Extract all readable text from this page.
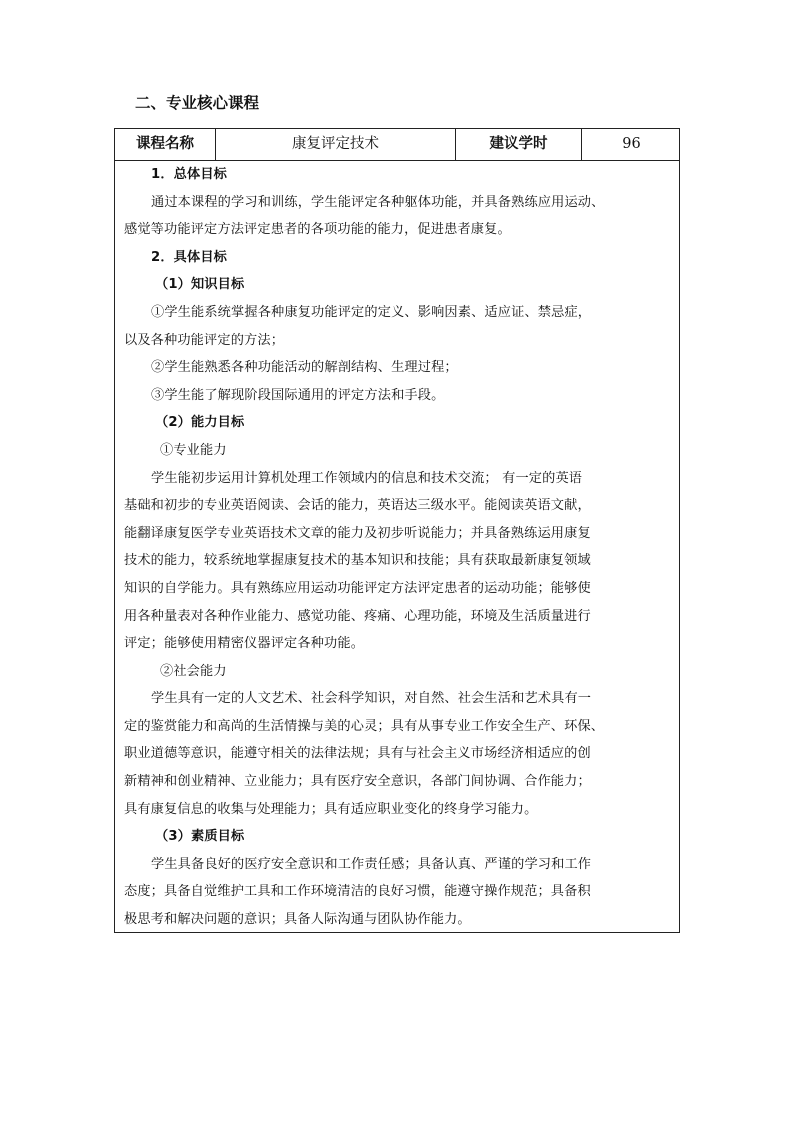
二、专业核心课程
课程名称	康复评定技术	建议学时	96

1．总体目标

通过本课程的学习和训练，学生能评定各种躯体功能，并具备熟练应用运动、

感觉等功能评定方法评定患者的各项功能的能力，促进患者康复。

2．具体目标

（1）知识目标

①学生能系统掌握各种康复功能评定的定义、影响因素、适应证、禁忌症，

以及各种功能评定的方法；

②学生能熟悉各种功能活动的解剖结构、生理过程；

③学生能了解现阶段国际通用的评定方法和手段。

（2）能力目标

①专业能力

学生能初步运用计算机处理工作领域内的信息和技术交流； 有一定的英语

基础和初步的专业英语阅读、会话的能力，英语达三级水平。能阅读英语文献，

能翻译康复医学专业英语技术文章的能力及初步听说能力；并具备熟练运用康复

技术的能力，较系统地掌握康复技术的基本知识和技能；具有获取最新康复领域

知识的自学能力。具有熟练应用运动功能评定方法评定患者的运动功能；能够使

用各种量表对各种作业能力、感觉功能、疼痛、心理功能，环境及生活质量进行

评定；能够使用精密仪器评定各种功能。

②社会能力

学生具有一定的人文艺术、社会科学知识，对自然、社会生活和艺术具有一

定的鉴赏能力和高尚的生活情操与美的心灵；具有从事专业工作安全生产、环保、

职业道德等意识，能遵守相关的法律法规；具有与社会主义市场经济相适应的创

新精神和创业精神、立业能力；具有医疗安全意识，各部门间协调、合作能力；

具有康复信息的收集与处理能力；具有适应职业变化的终身学习能力。

（3）素质目标

学生具备良好的医疗安全意识和工作责任感；具备认真、严谨的学习和工作

态度；具备自觉维护工具和工作环境清洁的良好习惯，能遵守操作规范；具备积

极思考和解决问题的意识；具备人际沟通与团队协作能力。
